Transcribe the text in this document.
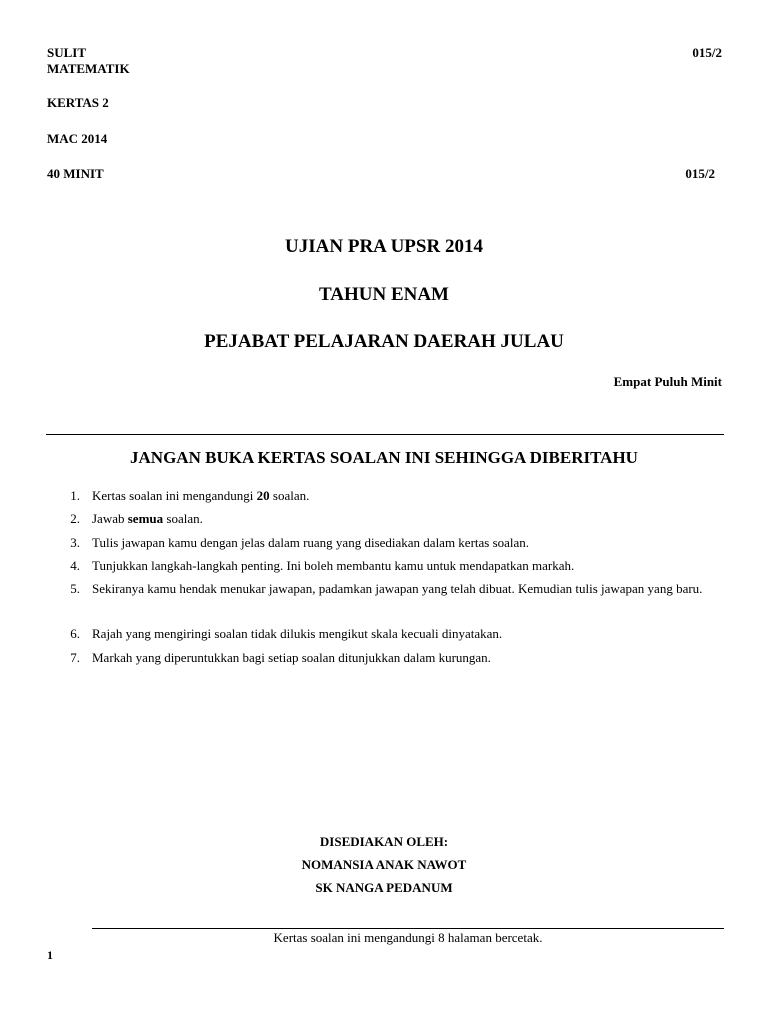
SULIT	015/2
MATEMATIK
KERTAS 2
MAC 2014
40 MINIT	015/2
UJIAN PRA UPSR 2014
TAHUN ENAM
PEJABAT PELAJARAN DAERAH JULAU
Empat Puluh Minit
JANGAN BUKA KERTAS SOALAN INI SEHINGGA DIBERITAHU
1. Kertas soalan ini mengandungi 20 soalan.
2. Jawab semua soalan.
3. Tulis jawapan kamu dengan jelas dalam ruang yang disediakan dalam kertas soalan.
4. Tunjukkan langkah-langkah penting. Ini boleh membantu kamu untuk mendapatkan markah.
5. Sekiranya kamu hendak menukar jawapan, padamkan jawapan yang telah dibuat. Kemudian tulis jawapan yang baru.
6. Rajah yang mengiringi soalan tidak dilukis mengikut skala kecuali dinyatakan.
7. Markah yang diperuntukkan bagi setiap soalan ditunjukkan dalam kurungan.
DISEDIAKAN OLEH:
NOMANSIA ANAK NAWOT
SK NANGA PEDANUM
Kertas soalan ini mengandungi 8 halaman bercetak.
1
